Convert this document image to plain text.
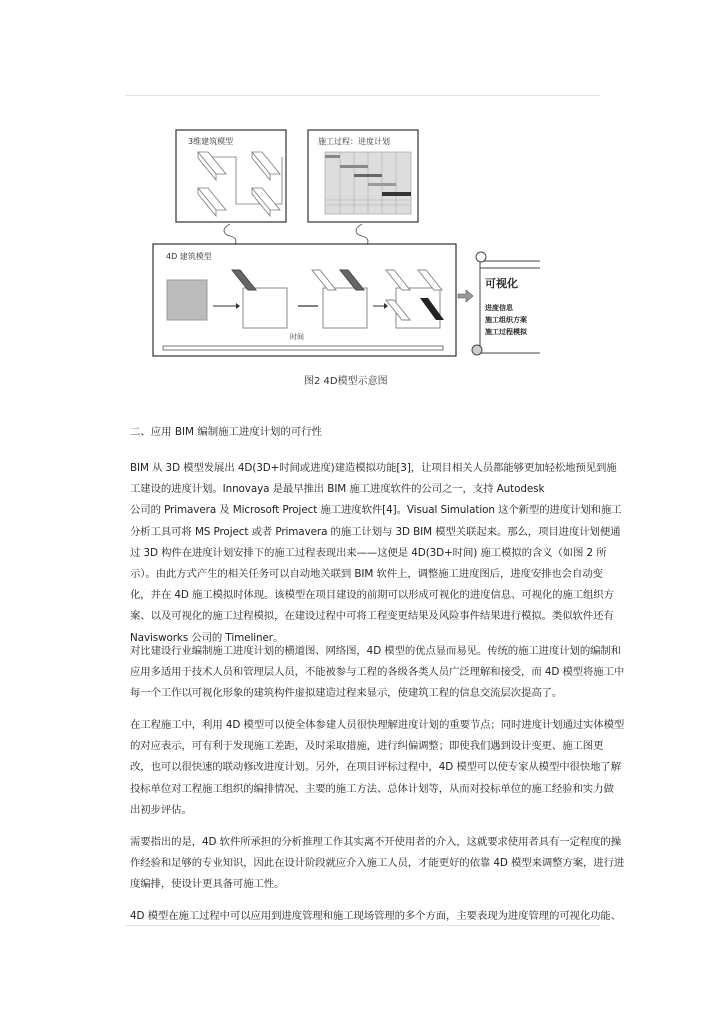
3维建筑模型	施工过程：进度计划
4D 建筑模型
时间
可视化
进度信息
施工组织方案
施工过程模拟
图2 4D模型示意图
二、应用 BIM 编制施工进度计划的可行性
BIM 从 3D 模型发展出 4D(3D+时间或进度)建造模拟功能[3]，让项目相关人员都能够更加轻松地预见到施
工建设的进度计划。Innovaya 是最早推出 BIM 施工进度软件的公司之一，支持 Autodesk
公司的 Primavera 及 Microsoft Project 施工进度软件[4]。Visual Simulation 这个新型的进度计划和施工
分析工具可将 MS Project 或者 Primavera 的施工计划与 3D BIM 模型关联起来。那么，项目进度计划便通
过 3D 构件在进度计划安排下的施工过程表现出来——这便是 4D(3D+时间) 施工模拟的含义（如图 2 所
示）。由此方式产生的相关任务可以自动地关联到 BIM 软件上，调整施工进度图后，进度安排也会自动变
化，并在 4D 施工模拟时体现。该模型在项目建设的前期可以形成可视化的进度信息、可视化的施工组织方
案、以及可视化的施工过程模拟，在建设过程中可将工程变更结果及风险事件结果进行模拟。类似软件还有
Navisworks 公司的 Timeliner。
对比建设行业编制施工进度计划的横道图、网络图，4D 模型的优点显而易见。传统的施工进度计划的编制和
应用多适用于技术人员和管理层人员，不能被参与工程的各级各类人员广泛理解和接受，而 4D 模型将施工中
每一个工作以可视化形象的建筑构件虚拟建造过程来显示，使建筑工程的信息交流层次提高了。
在工程施工中，利用 4D 模型可以使全体参建人员很快理解进度计划的重要节点；同时进度计划通过实体模型
的对应表示，可有利于发现施工差距，及时采取措施，进行纠偏调整；即使我们遇到设计变更、施工图更
改，也可以很快速的联动修改进度计划。另外，在项目评标过程中，4D 模型可以使专家从模型中很快地了解
投标单位对工程施工组织的编排情况、主要的施工方法、总体计划等，从而对投标单位的施工经验和实力做
出初步评估。
需要指出的是，4D 软件所承担的分析推理工作其实离不开使用者的介入，这就要求使用者具有一定程度的操
作经验和足够的专业知识，因此在设计阶段就应介入施工人员，才能更好的依靠 4D 模型来调整方案，进行进
度编排，使设计更具备可施工性。
4D 模型在施工过程中可以应用到进度管理和施工现场管理的多个方面，主要表现为进度管理的可视化功能、
